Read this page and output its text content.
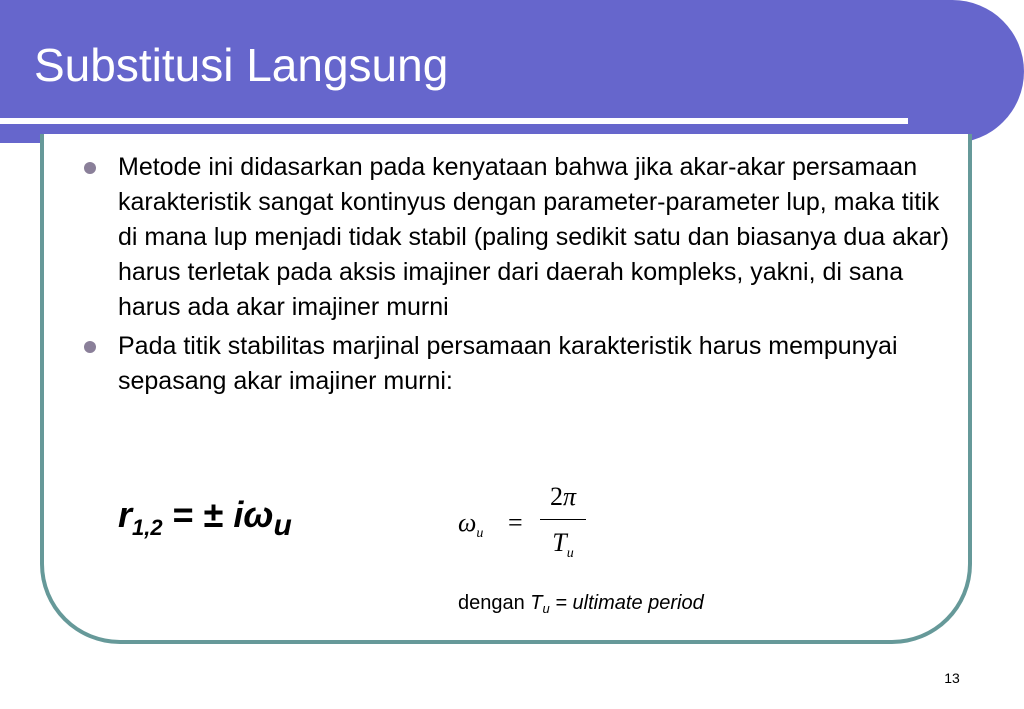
Substitusi Langsung
Metode ini didasarkan pada kenyataan bahwa jika akar-akar persamaan karakteristik sangat kontinyus dengan parameter-parameter lup, maka titik di mana lup menjadi tidak stabil (paling sedikit satu dan biasanya dua akar) harus terletak pada aksis imajiner dari daerah kompleks, yakni, di sana harus ada akar imajiner murni
Pada titik stabilitas marjinal persamaan karakteristik harus mempunyai sepasang akar imajiner murni:
$r_{1,2}$ = ± $i\omega_u$	$\omega_u$ =
2π
$T_u$
dengan $T_u$ = ultimate period
13
